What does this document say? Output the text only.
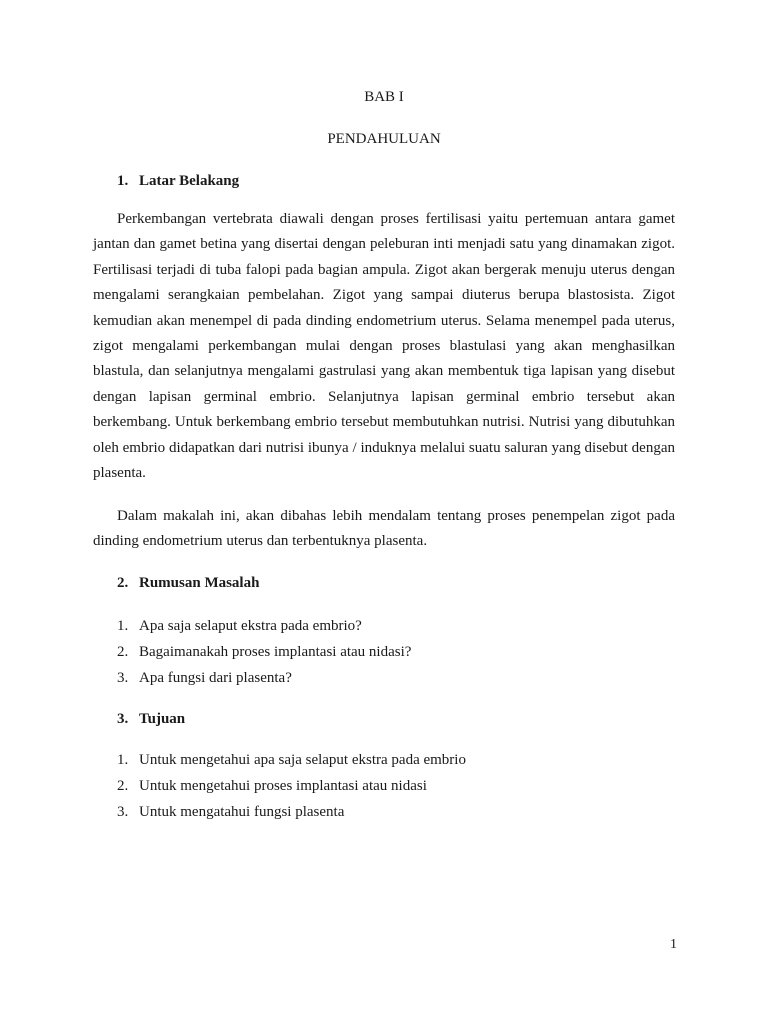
BAB I
PENDAHULUAN
1. Latar Belakang

Perkembangan vertebrata diawali dengan proses fertilisasi yaitu pertemuan antara gamet jantan dan gamet betina yang disertai dengan peleburan inti menjadi satu yang dinamakan zigot. Fertilisasi terjadi di tuba falopi pada bagian ampula. Zigot akan bergerak menuju uterus dengan mengalami serangkaian pembelahan. Zigot yang sampai diuterus berupa blastosista. Zigot kemudian akan menempel di pada dinding endometrium uterus. Selama menempel pada uterus, zigot mengalami perkembangan mulai dengan proses blastulasi yang akan menghasilkan blastula, dan selanjutnya mengalami gastrulasi yang akan membentuk tiga lapisan yang disebut dengan lapisan germinal embrio. Selanjutnya lapisan germinal embrio tersebut akan berkembang. Untuk berkembang embrio tersebut membutuhkan nutrisi. Nutrisi yang dibutuhkan oleh embrio didapatkan dari nutrisi ibunya / induknya melalui suatu saluran yang disebut dengan plasenta.

Dalam makalah ini, akan dibahas lebih mendalam tentang proses penempelan zigot pada dinding endometrium uterus dan terbentuknya plasenta.

2. Rumusan Masalah
1. Apa saja selaput ekstra pada embrio?
2. Bagaimanakah proses implantasi atau nidasi?
3. Apa fungsi dari plasenta?
3. Tujuan
1. Untuk mengetahui apa saja selaput ekstra pada embrio
2. Untuk mengetahui proses implantasi atau nidasi
3. Untuk mengatahui fungsi plasenta
1
